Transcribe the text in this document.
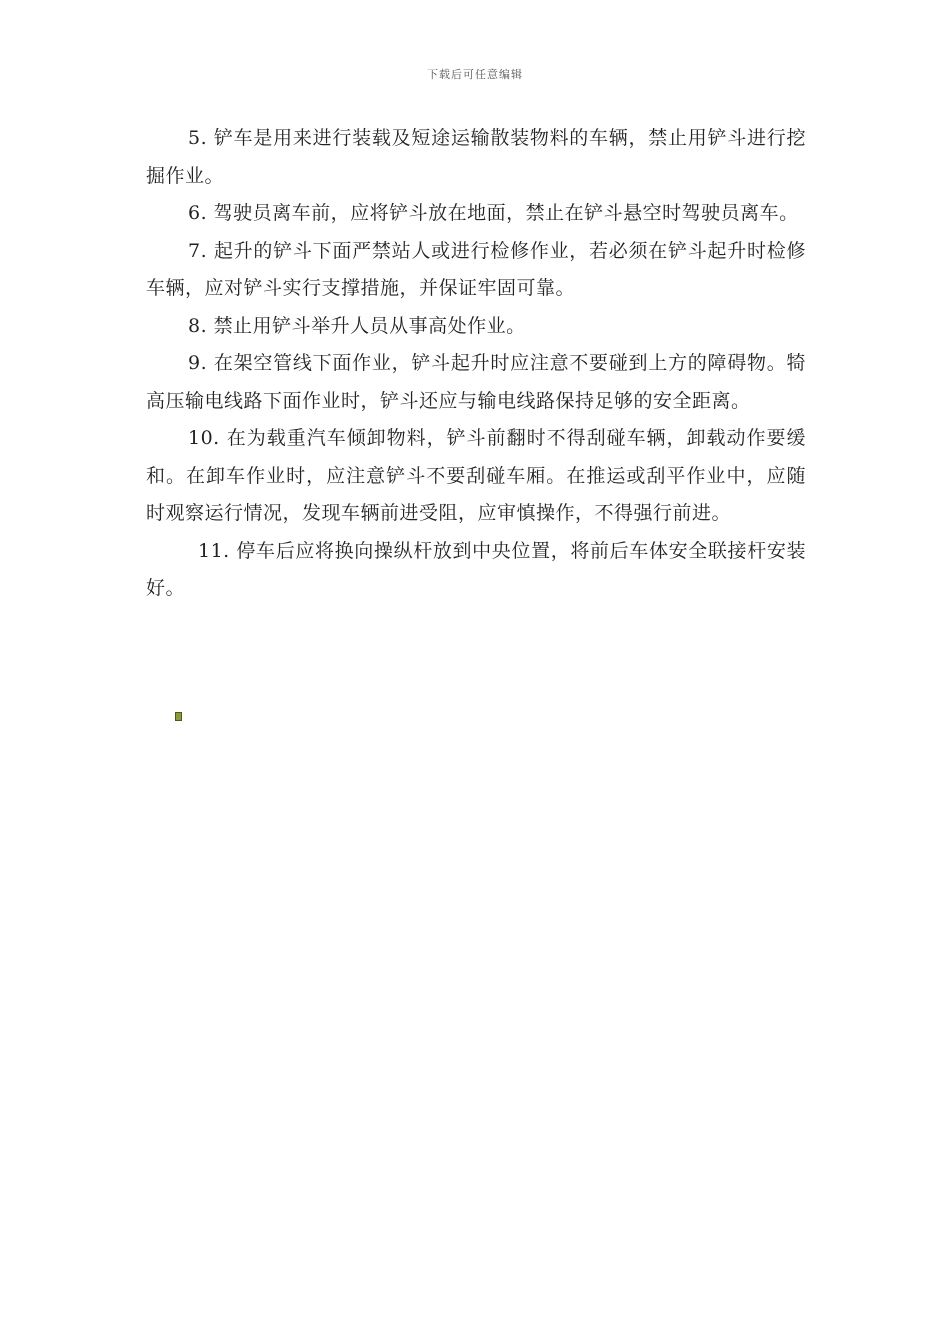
下载后可任意编辑

5. 铲车是用来进行装载及短途运输散装物料的车辆，禁止用铲斗进行挖掘作业。

6. 驾驶员离车前，应将铲斗放在地面，禁止在铲斗悬空时驾驶员离车。

7. 起升的铲斗下面严禁站人或进行检修作业，若必须在铲斗起升时检修车辆，应对铲斗实行支撑措施，并保证牢固可靠。

8. 禁止用铲斗举升人员从事高处作业。

9. 在架空管线下面作业，铲斗起升时应注意不要碰到上方的障碍物。犄高压输电线路下面作业时，铲斗还应与输电线路保持足够的安全距离。

10. 在为载重汽车倾卸物料，铲斗前翻时不得刮碰车辆，卸载动作要缓和。在卸车作业时，应注意铲斗不要刮碰车厢。在推运或刮平作业中，应随时观察运行情况，发现车辆前进受阻，应审慎操作，不得强行前进。

11. 停车后应将换向操纵杆放到中央位置，将前后车体安全联接杆安装好。
